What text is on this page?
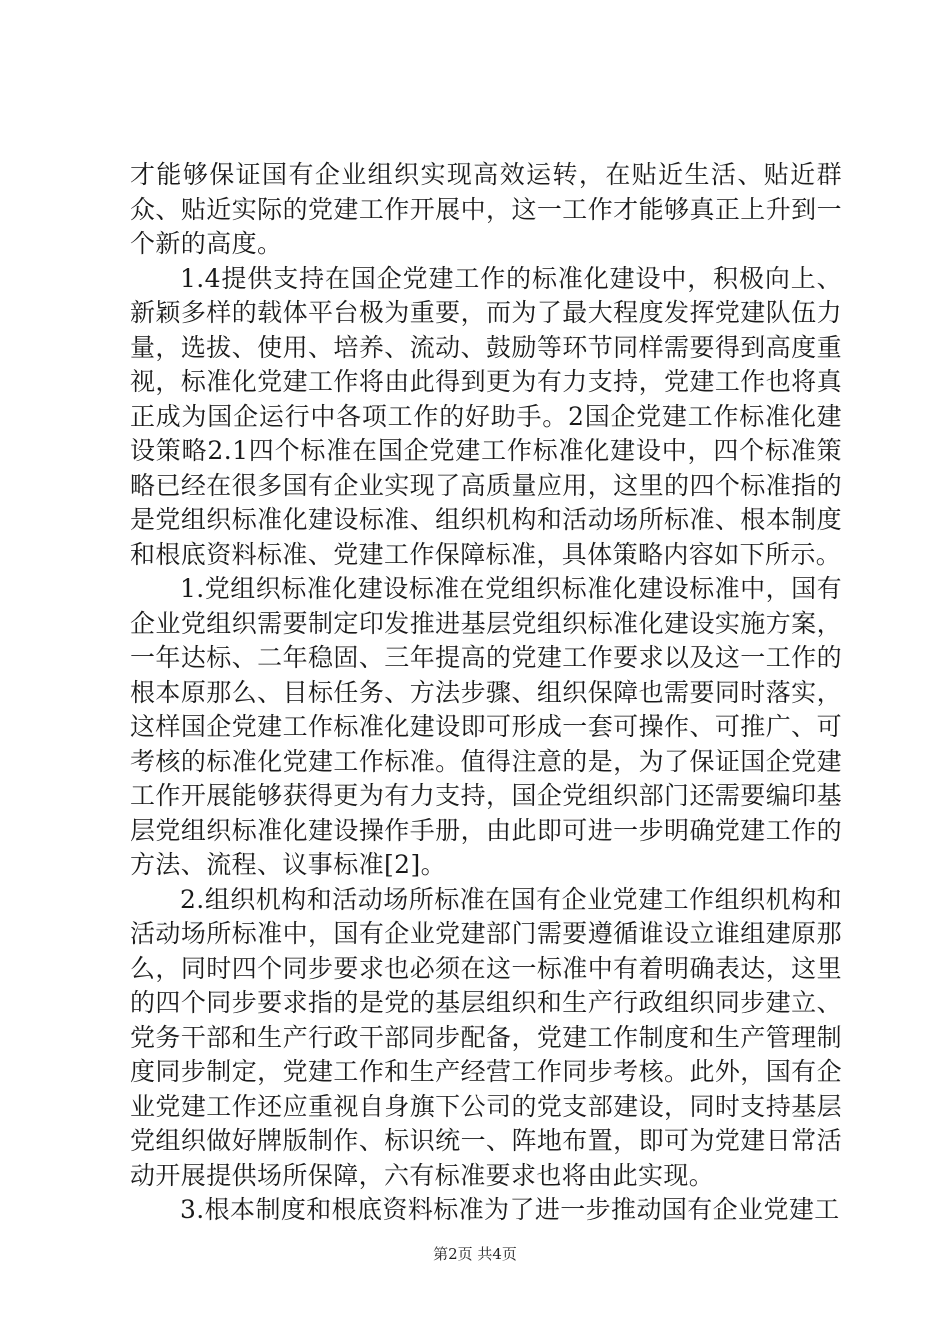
才能够保证国有企业组织实现高效运转，在贴近生活、贴近群众、贴近实际的党建工作开展中，这一工作才能够真正上升到一个新的高度。

1.4提供支持在国企党建工作的标准化建设中，积极向上、新颖多样的载体平台极为重要，而为了最大程度发挥党建队伍力量，选拔、使用、培养、流动、鼓励等环节同样需要得到高度重视，标准化党建工作将由此得到更为有力支持，党建工作也将真正成为国企运行中各项工作的好助手。2国企党建工作标准化建设策略2.1四个标准在国企党建工作标准化建设中，四个标准策略已经在很多国有企业实现了高质量应用，这里的四个标准指的是党组织标准化建设标准、组织机构和活动场所标准、根本制度和根底资料标准、党建工作保障标准，具体策略内容如下所示。

1.党组织标准化建设标准在党组织标准化建设标准中，国有企业党组织需要制定印发推进基层党组织标准化建设实施方案，一年达标、二年稳固、三年提高的党建工作要求以及这一工作的根本原那么、目标任务、方法步骤、组织保障也需要同时落实，这样国企党建工作标准化建设即可形成一套可操作、可推广、可考核的标准化党建工作标准。值得注意的是，为了保证国企党建工作开展能够获得更为有力支持，国企党组织部门还需要编印基层党组织标准化建设操作手册，由此即可进一步明确党建工作的方法、流程、议事标准[2]。

2.组织机构和活动场所标准在国有企业党建工作组织机构和活动场所标准中，国有企业党建部门需要遵循谁设立谁组建原那么，同时四个同步要求也必须在这一标准中有着明确表达，这里的四个同步要求指的是党的基层组织和生产行政组织同步建立、党务干部和生产行政干部同步配备，党建工作制度和生产管理制度同步制定，党建工作和生产经营工作同步考核。此外，国有企业党建工作还应重视自身旗下公司的党支部建设，同时支持基层党组织做好牌版制作、标识统一、阵地布置，即可为党建日常活动开展提供场所保障，六有标准要求也将由此实现。

3.根本制度和根底资料标准为了进一步推动国有企业党建工

第2页 共4页
